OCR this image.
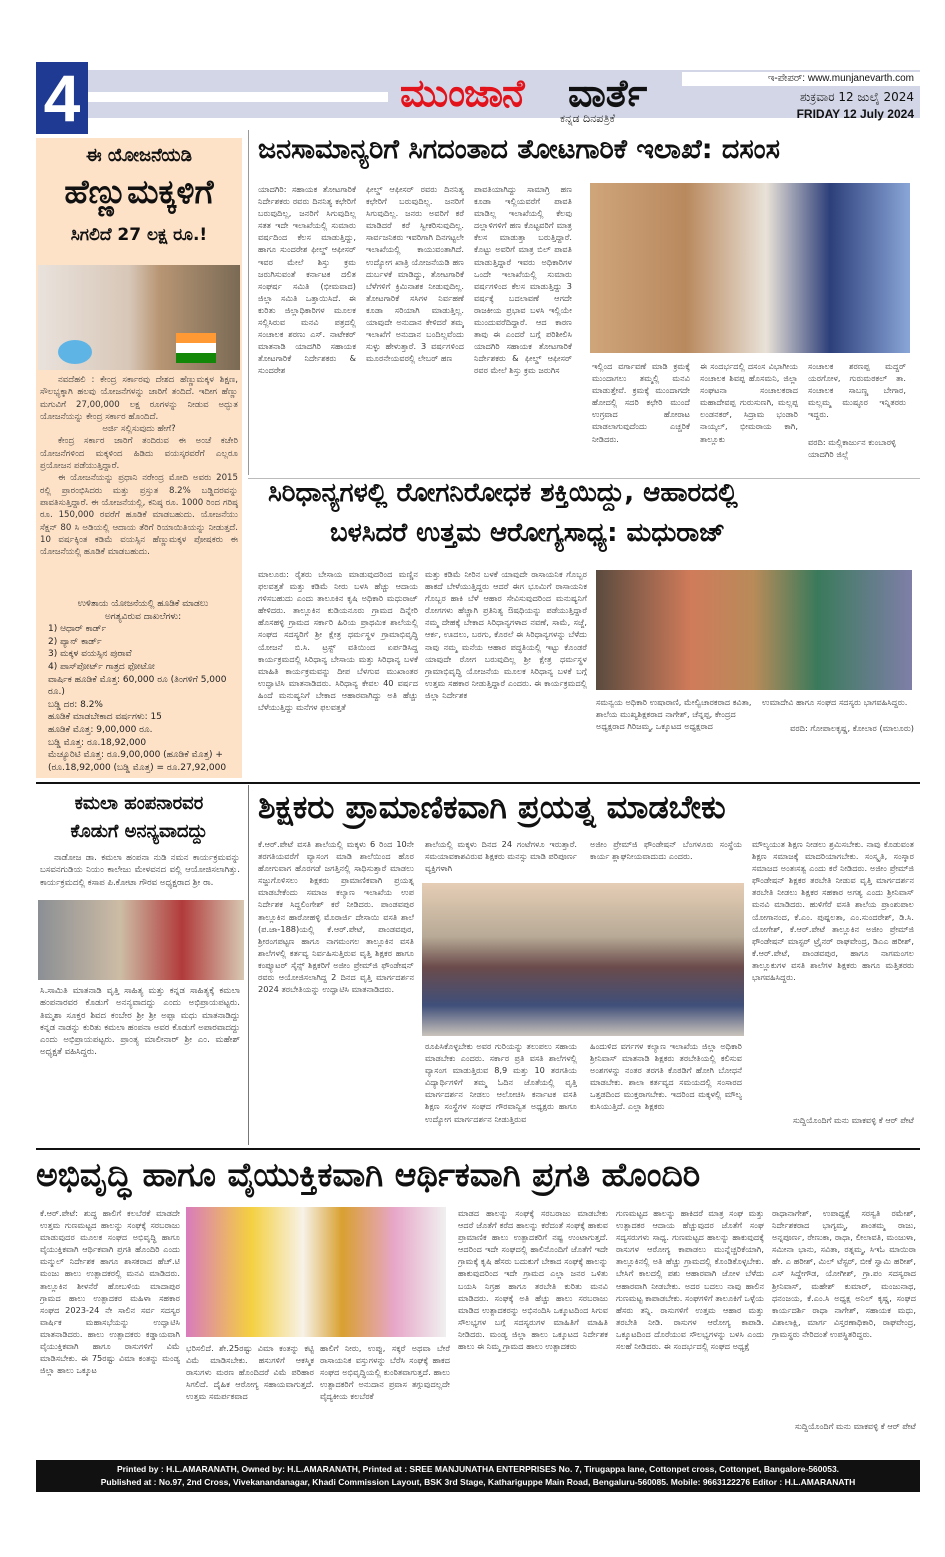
4	ಮುಂಜಾನೆ ವಾರ್ತೆ
ಕನ್ನಡ ದಿನಪತ್ರಿಕೆ
ಇ-ಪೇಪರ್: www.munjanevarth.com
ಶುಕ್ರವಾರ 12 ಜುಲೈ 2024
FRIDAY 12 July 2024
ಈ ಯೋಜನೆಯಡಿ
ಹೆಣ್ಣುಮಕ್ಕಳಿಗೆ
ಸಿಗಲಿದೆ 27 ಲಕ್ಷ ರೂ.!

ನವದೆಹಲಿ : ಕೇಂದ್ರ ಸರ್ಕಾರವು ದೇಶದ ಹೆಣ್ಣುಮಕ್ಕಳ ಶಿಕ್ಷಣ, ಸೌಲಭ್ಯಕ್ಕಾಗಿ ಹಲವು ಯೋಜನೆಗಳನ್ನು ಜಾರಿಗೆ ತಂದಿದೆ. ಇದೀಗ ಹೆಣ್ಣು ಮಗುವಿಗೆ 27,00,000 ಲಕ್ಷ ರೂಗಳನ್ನು ನೀಡುವ ಅದ್ಭುತ ಯೋಜನೆಯನ್ನು ಕೇಂದ್ರ ಸರ್ಕಾರ ಹೊಂದಿದೆ.

ಅರ್ಜಿ ಸಲ್ಲಿಸುವುದು ಹೇಗೆ?

ಕೇಂದ್ರ ಸರ್ಕಾರ ಜಾರಿಗೆ ತಂದಿರುವ ಈ ಅಂಚೆ ಕಚೇರಿ ಯೋಜನೆಗಳಿಂದ ಮಕ್ಕಳಿಂದ ಹಿಡಿದು ವಯಸ್ಕರವರೆಗೆ ಎಲ್ಲರೂ ಪ್ರಯೋಜನ ಪಡೆಯುತ್ತಿದ್ದಾರೆ.

ಈ ಯೋಜನೆಯನ್ನು ಪ್ರಧಾನಿ ನರೇಂದ್ರ ಮೋದಿ ಅವರು 2015 ರಲ್ಲಿ ಪ್ರಾರಂಭಿಸಿದರು ಮತ್ತು ಪ್ರಸ್ತುತ 8.2% ಬಡ್ಡಿದರವನ್ನು ಪಾವತಿಸುತ್ತಿದ್ದಾರೆ. ಈ ಯೋಜನೆಯಲ್ಲಿ, ಕನಿಷ್ಠ ರೂ. 1000 ರಿಂದ ಗರಿಷ್ಠ ರೂ. 150,000 ರವರೆಗೆ ಹೂಡಿಕೆ ಮಾಡಬಹುದು. ಯೋಜನೆಯು ಸೆಕ್ಷನ್ 80 ಸಿ ಅಡಿಯಲ್ಲಿ ಆದಾಯ ತೆರಿಗೆ ರಿಯಾಯಿತಿಯನ್ನು ನೀಡುತ್ತದೆ. 10 ವರ್ಷಕ್ಕಿಂತ ಕಡಿಮೆ ವಯಸ್ಸಿನ ಹೆಣ್ಣುಮಕ್ಕಳ ಪೋಷಕರು ಈ ಯೋಜನೆಯಲ್ಲಿ ಹೂಡಿಕೆ ಮಾಡಬಹುದು.

ಉಳಿತಾಯ ಯೋಜನೆಯಲ್ಲಿ ಹೂಡಿಕೆ ಮಾಡಲು
ಅಗತ್ಯವಿರುವ ದಾಖಲೆಗಳು:
1) ಆಧಾರ್ ಕಾರ್ಡ್
2) ಪ್ಯಾನ್ ಕಾರ್ಡ್
3) ಮಕ್ಕಳ ವಯಸ್ಸಿನ ಪುರಾವೆ
4) ಪಾಸ್‌ಪೋರ್ಟ್ ಗಾತ್ರದ ಫೋಟೋ
ವಾರ್ಷಿಕ ಹೂಡಿಕೆ ಮೊತ್ತ: 60,000 ರೂ (ತಿಂಗಳಿಗೆ 5,000 ರೂ.)
ಬಡ್ಡಿ ದರ: 8.2%
ಹೂಡಿಕೆ ಮಾಡಬೇಕಾದ ವರ್ಷಗಳು: 15
ಹೂಡಿಕೆ ಮೊತ್ತ: 9,00,000 ರೂ.
ಬಡ್ಡಿ ಮೊತ್ತ: ರೂ.18,92,000
ಮೆಚ್ಯೂರಿಟಿ ಮೊತ್ತ: ರೂ.9,00,000 (ಹೂಡಿಕೆ ಮೊತ್ತ) + (ರೂ.18,92,000 (ಬಡ್ಡಿ ಮೊತ್ತ) = ರೂ.27,92,000
ಜನಸಾಮಾನ್ಯರಿಗೆ ಸಿಗದಂತಾದ ತೋಟಗಾರಿಕೆ ಇಲಾಖೆ: ದಸಂಸ
ಯಾದಗಿರಿ: ಸಹಾಯಕ ತೋಟಗಾರಿಕೆ ನಿರ್ದೇಶಕರು ರವರು ದಿನನಿತ್ಯ ಕಛೇರಿಗೆ ಬರುವುದಿಲ್ಲ, ಜನರಿಗೆ ಸಿಗುವುದಿಲ್ಲ ಸತತ ಇದೇ ಇಲಾಖೆಯಲ್ಲಿ ಸುಮಾರು ವರ್ಷದಿಂದ ಕೆಲಸ ಮಾಡುತ್ತಿದ್ದು, ಹಾಗೂ ಸುಂದರೇಶ ಫೀಲ್ಡ್ ಆಫೀಸರ್ ಇವರ ಮೇಲೆ ಶಿಸ್ತು ಕ್ರಮ ಜರುಗಿಸುವಂತೆ ಕರ್ನಾಟಕ ದಲಿತ ಸಂಘರ್ಷ ಸಮಿತಿ (ಭೀಮವಾದ) ಜಿಲ್ಲಾ ಸಮಿತಿ ಒತ್ತಾಯಿಸಿದೆ. ಈ ಕುರಿತು ಜಿಲ್ಲಾಧಿಕಾರಿಗಳ ಮೂಲಕ ಸಲ್ಲಿಸಿರುವ ಮನವಿ ಪತ್ರದಲ್ಲಿ ಸಂಚಾಲಕ ಶರಣು ಎಸ್. ನಾಟೇಕರ್ ಮಾತನಾಡಿ ಯಾದಗಿರಿ ಸಹಾಯಕ ತೋಟಗಾರಿಕೆ ನಿರ್ದೇಶಕರು & ಸುಂದರೇಶ
ಫೀಲ್ಡ್ ಆಫೀಸರ್ ರವರು ದಿನನಿತ್ಯ ಕಛೇರಿಗೆ ಬರುವುದಿಲ್ಲ. ಜನರಿಗೆ ಸಿಗುವುದಿಲ್ಲ. ಜನರು ಅವರಿಗೆ ಕರೆ ಮಾಡಿದರೆ ಕರೆ ಸ್ವೀಕರಿಸುವುದಿಲ್ಲ. ಸಾರ್ವಜನಿಕರು ಇವರಿಗಾಗಿ ದಿನಗಟ್ಟಲೇ ಇಲಾಖೆಯಲ್ಲಿ ಕಾಯುವಂತಾಗಿದೆ. ಉದ್ಯೋಗ ಖಾತ್ರಿ ಯೋಜನೆಯಡಿ ಹಣ ದುರ್ಬಳಕೆ ಮಾಡಿದ್ದು, ತೋಟಗಾರಿಕೆ ಬೆಳೆಗಳಿಗೆ ಕ್ರಿಮಿನಾಶಕ ನೀಡುವುದಿಲ್ಲ. ತೋಟಗಾರಿಕೆ ಸಸಿಗಳ ನಿರ್ವಹಣೆ ಕೂಡಾ ಸರಿಯಾಗಿ ಮಾಡುತ್ತಿಲ್ಲ. ಯಾವುದೇ ಅನುದಾನ ಕೇಳಿದರೆ ತಮ್ಮ ಇಲಾಖೆಗೆ ಅನುದಾನ ಬಂದಿಲ್ಲವೆಂದು ಸುಳ್ಳು ಹೇಳುತ್ತಾರೆ. 3 ವರ್ಷಗಳಿಂದ ಮೂರನೇಯವರಲ್ಲಿ ಲೇಬರ್ ಹಣ
ಪಾವತಿಯಾಗಿದ್ದು ಸಾಮಾಗ್ರಿ ಹಣ ಕೂಡಾ ಇಲ್ಲಿಯವರೆಗೆ ಪಾವತಿ ಮಾಡಿಲ್ಲ ಇಲಾಖೆಯಲ್ಲಿ ಕೆಲವು ದಲ್ಲಾಳಿಗಳಿಗೆ ಹಣ ಕೊಟ್ಟವರಿಗೆ ಮಾತ್ರ ಕೆಲಸ ಮಾಡುತ್ತಾ ಬರುತ್ತಿದ್ದಾರೆ. ಕೊಟ್ಟು ಅವರಿಗೆ ಮಾತ್ರ ಬಿಲ್ ಪಾವತಿ ಮಾಡುತ್ತಿದ್ದಾರೆ ಇವರು ಅಧಿಕಾರಿಗಳ ಒಂದೇ ಇಲಾಖೆಯಲ್ಲಿ ಸುಮಾರು ವರ್ಷಗಳಿಂದ ಕೆಲಸ ಮಾಡುತ್ತಿದ್ದು 3 ವರ್ಷಕ್ಕೆ ಬದಲಾವಣೆ ಆಗದೇ ರಾಜಕೀಯ ಪ್ರಭಾವ ಬಳಸಿ ಇಲ್ಲಿಯೇ ಮುಂದುವರೆದಿದ್ದಾರೆ. ಆದ ಕಾರಣ ತಾವು ಈ ಎಂದರೆ ಬಗ್ಗೆ ಪರಿಶೀಲಿಸಿ ಯಾದಗಿರಿ ಸಹಾಯಕ ತೋಟಗಾರಿಕೆ ನಿರ್ದೇಶಕರು & ಫೀಲ್ಡ್ ಆಫೀಸರ್ ರವರ ಮೇಲೆ ಶಿಸ್ತು ಕ್ರಮ ಜರುಗಿಸ	ಇಲ್ಲಿಂದ ವರ್ಗಾವಣೆ ಮಾಡಿ ಕ್ರಮಕ್ಕೆ ಮುಂದಾಗಲು ತಮ್ಮಲ್ಲಿ ಮನವಿ ಮಾಡುತ್ತೇವೆ. ಕ್ರಮಕ್ಕೆ ಮುಂದಾಗದೇ ಹೋದಲ್ಲಿ ಸದರಿ ಕಛೇರಿ ಮುಂದೆ ಉಗ್ರವಾದ ಹೋರಾಟ ಮಾಡಲಾಗುವುದೆಂದು ಎಚ್ಚರಿಕೆ ನೀಡಿದರು.
ಈ ಸಂದರ್ಭದಲ್ಲಿ ದಸಂಸ ವಿಭಾಗೀಯ ಸಂಚಾಲಕ ಶಿವಪ್ಪ ಹೊಸಮನಿ, ಜಿಲ್ಲಾ ಸಂಘಟನಾ ಸಂಚಾಲಕರಾದ ಮಹಾದೇವಪ್ಪ ಗುರುಸುಣಗಿ, ಮಲ್ಲಪ್ಪ ಲಂಡನಕರ್, ಸಿದ್ರಾಮ ಭಂಡಾರಿ ನಾಯ್ಕಲ್, ಭೀಮರಾಯ ಕಾಗಿ, ತಾಲ್ಲೂಕು
ಸಂಚಾಲಕ ಶರಣಪ್ಪ ಮದ್ದರ್ ಯರಗೋಳ, ಗುರುಮಠಕಲ್ ತಾ. ಸಂಚಾಲಕ ಸಾಬಣ್ಣ ಬೇಗಾರ, ಮಲ್ಲಮ್ಮ ಮುಷ್ಠೂರ ಇನ್ನಿತರರು ಇದ್ದರು.
ವರದಿ: ಮಲ್ಲಿಕಾರ್ಜುನ ಕುಂಬಾರಳ್ಳಿ ಯಾದಗಿರಿ ಜಿಲ್ಲೆ
ಸಿರಿಧಾನ್ಯಗಳಲ್ಲಿ ರೋಗನಿರೋಧಕ ಶಕ್ತಿಯಿದ್ದು, ಆಹಾರದಲ್ಲಿ
ಬಳಸಿದರೆ ಉತ್ತಮ ಆರೋಗ್ಯಸಾಧ್ಯ: ಮಧುರಾಜ್
ಮಾಲೂರು: ರೈತರು ಬೇಸಾಯ ಮಾಡುವುದರಿಂದ ಮಣ್ಣಿನ ಫಲವತ್ತತೆ ಮತ್ತು ಕಡಿಮೆ ನೀರು ಬಳಸಿ ಹೆಚ್ಚು ಆದಾಯ ಗಳಿಸಬಹುದು ಎಂದು ತಾಲೂಕಿನ ಕೃಷಿ ಅಧಿಕಾರಿ ಮಧುರಾಜ್ ಹೇಳಿದರು. ತಾಲ್ಲೂಕಿನ ಕುಡಿಯನೂರು ಗ್ರಾಮದ ದಿನ್ನೇರಿ ಹೊಸಹಳ್ಳಿ ಗ್ರಾಮದ ಸರ್ಕಾರಿ ಹಿರಿಯ ಪ್ರಾಥಮಿಕ ಶಾಲೆಯಲ್ಲಿ ಸಂಘದ ಸದಸ್ಯರಿಗೆ ಶ್ರೀ ಕ್ಷೇತ್ರ ಧರ್ಮಸ್ಥಳ ಗ್ರಾಮಾಭಿವೃದ್ಧಿ ಯೋಜನೆ ಬಿ.ಸಿ. ಟ್ರಸ್ಟ್ ವತಿಯಿಂದ ಏರ್ಪಡಿಸಿದ್ದ ಕಾರ್ಯಕ್ರಮದಲ್ಲಿ ಸಿರಿಧಾನ್ಯ ಬೇಸಾಯ ಮತ್ತು ಸಿರಿಧಾನ್ಯ ಬಳಕೆ ಮಾಹಿತಿ ಕಾರ್ಯಕ್ರಮವನ್ನು ದೀಪ ಬೆಳಗುವ ಮುಖಾಂತರ ಉದ್ಘಾಟಿಸಿ ಮಾತನಾಡಿದರು. ಸಿರಿಧಾನ್ಯ ಕೇವಲ 40 ವರ್ಷದ ಹಿಂದೆ ಮನುಷ್ಯನಿಗೆ ಬೇಕಾದ ಆಹಾರವಾಗಿದ್ದು ಅತಿ ಹೆಚ್ಚು ಬೆಳೆಯುತ್ತಿದ್ದು ಮನೆಗಳ ಫಲವತ್ತತೆ
ಮತ್ತು ಕಡಿಮೆ ನೀರಿನ ಬಳಕೆ ಯಾವುದೇ ರಾಸಾಯನಿಕ ಗೊಬ್ಬರ ಹಾಕದೆ ಬೇಳೆಯುತ್ತಿದ್ದರು ಆದರೆ ಈಗ ಭೂಮಿಗೆ ರಾಸಾಯನಿಕ ಗೊಬ್ಬರ ಹಾಕಿ ಬೆಳೆ ಆಹಾರ ಸೇವಿಸುವುದರಿಂದ ಮನುಷ್ಯನಿಗೆ ರೋಗಗಳು ಹೆಚ್ಚಾಗಿ ಪ್ರತಿನಿತ್ಯ ಔಷಧಿಯನ್ನು ಪಡೆಯುತ್ತಿದ್ದಾರೆ ನಮ್ಮ ದೇಹಕ್ಕೆ ಬೇಕಾದ ಸಿರಿಧಾನ್ಯಗಳಾದ ನವಣೆ, ಸಾಮೆ, ಸಜ್ಜೆ, ಆರ್ಕ, ಊದಲು, ಬರಗು, ಕೊರಲೆ ಈ ಸಿರಿಧಾನ್ಯಗಳನ್ನು ಬೆಳೆದು ನಾವು ನಮ್ಮ ಮನೆಯ ಆಹಾರ ಪದ್ಧತಿಯಲ್ಲಿ ಇಟ್ಟು ಕೊಂಡರೆ ಯಾವುದೇ ರೋಗ ಬರುವುದಿಲ್ಲ ಶ್ರೀ ಕ್ಷೇತ್ರ ಧರ್ಮಸ್ಥಳ ಗ್ರಾಮಾಭಿವೃದ್ಧಿ ಯೋಜನೆಯ ಮೂಲಕ ಸಿರಿಧಾನ್ಯ ಬಳಕೆ ಬಗ್ಗೆ ಉತ್ತಮ ಸಹಕಾರ ನೀಡುತ್ತಿದ್ದಾರೆ ಎಂದರು. ಈ ಕಾರ್ಯಕ್ರಮದಲ್ಲಿ ಜಿಲ್ಲಾ ನಿರ್ದೇಶಕ
ಸಮನ್ವಯ ಅಧಿಕಾರಿ ಉಷಾರಾಣಿ, ಮೇಲ್ವಿಚಾರಕರಾದ ಕವಿತಾ, ಶಾಲೆಯ ಮುಖ್ಯಶಿಕ್ಷಕರಾದ ನಾಗೇಶ್, ಚೆನ್ನಪ್ಪ, ಕೇಂದ್ರದ ಅಧ್ಯಕ್ಷರಾದ ಗಿರಿಜಮ್ಮ, ಒಕ್ಕೂಟದ ಅಧ್ಯಕ್ಷರಾದ
ಉಮಾದೇವಿ ಹಾಗೂ ಸಂಘದ ಸದಸ್ಯರು ಭಾಗವಹಿಸಿದ್ದರು.
ವರದಿ: ಗೋಪಾಲಕೃಷ್ಣ, ಕೋಲಾರ (ಮಾಲೂರು)
ಕಮಲಾ ಹಂಪನಾರವರ
ಕೊಡುಗೆ ಅನನ್ಯವಾದದ್ದು
ನಾಡೋಜ ಡಾ. ಕಮಲಾ ಹಂಪನಾ ನುಡಿ ನಮನ ಕಾರ್ಯಕ್ರಮವನ್ನು ಬಸವನಗುಡಿಯ ನಿಯಂ ಕಾಲೇಜು ಮೇಳವನದ ವಲ್ಲಿ ಆಯೋಜಿಸಲಾಗಿತ್ತು. ಕಾರ್ಯಕ್ರಮದಲ್ಲಿ ಕಸಾಪ ಪಿ.ಕೋಟಾ ಗೌರವ ಅಧ್ಯಕ್ಷರಾದ ಶ್ರೀ ರಾ.
ಸಿ.ಸಾಮಿತಿ ಮಾತನಾಡಿ ವೃತ್ತಿ ಸಾಹಿತ್ಯ ಮತ್ತು ಕನ್ನಡ ಸಾಹಿತ್ಯಕ್ಕೆ ಕಮಲಾ ಹಂಪನಾರವರ ಕೊಡುಗೆ ಅನನ್ಯವಾದದ್ದು ಎಂದು ಅಭಿಪ್ರಾಯಪಟ್ಟರು. ತಿಮ್ಮಶಾ ಸೂಕ್ತರ ಶಿವದ ಕಂಬೇರ ಶ್ರೀ ಶ್ರೀ ಅಪ್ಪಾ ಮಧು ಮಾತನಾಡಿದ್ದು ಕನ್ನಡ ನಾಡನ್ನು ಕುರಿತು ಕಮಲಾ ಹಂಪನಾ ಅವರ ಕೊಡುಗೆ ಅಪಾರವಾದದ್ದು ಎಂದು ಅಭಿಪ್ರಾಯಪಟ್ಟರು. ಪ್ರಾಂತ್ಯ ಮಾಲೀನಾರ್ ಶ್ರೀ ಎಂ. ಮಹೇಶ್ ಅಧ್ಯಕ್ಷತೆ ವಹಿಸಿದ್ದರು.
ಶಿಕ್ಷಕರು ಪ್ರಾಮಾಣಿಕವಾಗಿ ಪ್ರಯತ್ನ ಮಾಡಬೇಕು
ಕೆ.ಆರ್.ಪೇಟೆ ವಸತಿ ಶಾಲೆಯಲ್ಲಿ ಮಕ್ಕಳು 6 ರಿಂದ 10ನೇ ತರಗತಿಯವರೆಗೆ ವ್ಯಾಸಂಗ ಮಾಡಿ ಶಾಲೆಯಿಂದ ಹೊರ ಹೋಗುವಾಗ ಹೊರಗಡೆ ಜಗತ್ತಿನಲ್ಲಿ ಸಾಧಿಸುತ್ತಾರೆ ಮಾಡಲು ಸಜ್ಜುಗೊಳಿಸಲು ಶಿಕ್ಷಕರು ಪ್ರಾಮಾಣಿಕವಾಗಿ ಪ್ರಯತ್ನ ಮಾಡಬೇಕೆಂದು ಸಮಾಜ ಕಲ್ಯಾಣ ಇಲಾಖೆಯ ಉಪ ನಿರ್ದೇಶಕ ಸಿದ್ದಲಿಂಗೇಶ್ ಕರೆ ನೀಡಿದರು. ಪಾಂಡವಪುರ ತಾಲ್ಲೂಕಿನ ಹಾರೋಹಳ್ಳಿ ಮೊರಾರ್ಜಿ ದೇಸಾಯಿ ವಸತಿ ಶಾಲೆ (ಪ.ಜಾ-188)ಯಲ್ಲಿ ಕೆ.ಆರ್.ಪೇಟೆ, ಪಾಂಡವಪುರ, ಶ್ರೀರಂಗಪಟ್ಟಣ ಹಾಗೂ ನಾಗಮಂಗಲ ತಾಲ್ಲೂಕಿನ ವಸತಿ ಶಾಲೆಗಳಲ್ಲಿ ಕರ್ತವ್ಯ ನಿರ್ವಹಿಸುತ್ತಿರುವ ವೃತ್ತಿ ಶಿಕ್ಷಕರ ಹಾಗೂ ಕಂಪ್ಯೂಟರ್ ಸೈನ್ಸ್ ಶಿಕ್ಷಕರಿಗೆ ಅಜೀಂ ಪ್ರೇಮ್‌ಜಿ ಫೌಂಡೇಷನ್ ರವರು ಆಯೋಜಿಸಲಾಗಿದ್ದ 2 ದಿನದ ವೃತ್ತಿ ಮಾರ್ಗದರ್ಶನ 2024 ತರಬೇತಿಯನ್ನು ಉದ್ಘಾಟಿಸಿ ಮಾತನಾಡಿದರು.
ಶಾಲೆಯಲ್ಲಿ ಮಕ್ಕಳು ದಿನದ 24 ಗಂಟೆಗಳೂ ಇರುತ್ತಾರೆ. ಸಮಯಾವಕಾಶವಿರುವ ಶಿಕ್ಷಕರು ಮನಸ್ಸು ಮಾಡಿ ಪರಿಪೂರ್ಣ ವ್ಯಕ್ತಿಗಳಾಗಿ
ಅಜೀಂ ಪ್ರೇಮ್‌ಜಿ ಫೌಂಡೇಷನ್ ಬೆಂಗಳೂರು ಸಂಸ್ಥೆಯ ಕಾರ್ಯ ಶ್ಲಾಘನೀಯವಾದುದು ಎಂದರು.
ರೂಪಿಸಿಕೊಳ್ಳಬೇಕು ಅವರ ಗುರಿಯನ್ನು ತಲುಪಲು ಸಹಾಯ ಮಾಡಬೇಕು ಎಂದರು. ಸರ್ಕಾರ ಪ್ರತಿ ವಸತಿ ಶಾಲೆಗಳಲ್ಲಿ ವ್ಯಾಸಂಗ ಮಾಡುತ್ತಿರುವ 8,9 ಮತ್ತು 10 ತರಗತಿಯ ವಿದ್ಯಾರ್ಥಿಗಳಿಗೆ ತಮ್ಮ ಓದಿನ ಜೊತೆಯಲ್ಲಿ ವೃತ್ತಿ ಮಾರ್ಗದರ್ಶನ ನೀಡಲು ಆಲೋಚಿಸಿ ಕರ್ನಾಟಕ ವಸತಿ ಶಿಕ್ಷಣ ಸಂಸ್ಥೆಗಳ ಸಂಘದ ಗೌರವಾನ್ವಿತ ಅಧ್ಯಕ್ಷರು ಹಾಗೂ ಉದ್ಯೋಗ ಮಾರ್ಗದರ್ಶನ ನೀಡುತ್ತಿರುವ
ಹಿಂದುಳಿದ ವರ್ಗಗಳ ಕಲ್ಯಾಣ ಇಲಾಖೆಯ ಜಿಲ್ಲಾ ಅಧಿಕಾರಿ ಶ್ರೀನಿವಾಸ್ ಮಾತನಾಡಿ ಶಿಕ್ಷಕರು ತರಬೇತಿಯಲ್ಲಿ ಕಲಿಸುವ ಅಂಶಗಳನ್ನು ನಂತರ ತರಗತಿ ಕೊಠಡಿಗೆ ಹೋಗಿ ಬೋಧನೆ ಮಾಡಬೇಕು. ಶಾಲಾ ಕರ್ತವ್ಯದ ಸಮಯದಲ್ಲಿ ಸಂಸಾರದ ಒತ್ತಡದಿಂದ ಮುಕ್ತರಾಗಬೇಕು. ಇದರಿಂದ ಮಕ್ಕಳಲ್ಲಿ ಮೌಲ್ಯ ಕುಸಿಯುತ್ತಿದೆ. ಎಲ್ಲಾ ಶಿಕ್ಷಕರು
ಮೌಲ್ಯಯುತ ಶಿಕ್ಷಣ ನೀಡಲು ಶ್ರಮಿಸಬೇಕು. ನಾವು ಕೊಡುವಂತ ಶಿಕ್ಷಣ ಸಮಾಜಕ್ಕೆ ಮಾದರಿಯಾಗಬೇಕು. ಸಂಸ್ಕೃತಿ, ಸಂಸ್ಕಾರ ಸಮಾಜದ ಅಂತಃಸತ್ವ ಎಂದು ಕರೆ ನೀಡಿದರು. ಅಜೀಂ ಪ್ರೇಮ್‌ಜಿ ಫೌಂಡೇಷನ್ ಶಿಕ್ಷಕರ ತರಬೇತಿ ನೀಡುವ ವೃತ್ತಿ ಮಾರ್ಗದರ್ಶನ ತರಬೇತಿ ನೀಡಲು ಶಿಕ್ಷಕರ ಸಹಕಾರ ಅಗತ್ಯ ಎಂದು ಶ್ರೀನಿವಾಸ್ ಮನವಿ ಮಾಡಿದರು. ಹುಳಿಗೆರೆ ವಸತಿ ಶಾಲೆಯ ಪ್ರಾಂಶುಪಾಲ ಯೋಗಾನಂದ, ಕೆ.ಎಂ. ಪುಷ್ಪಲತಾ, ಎಂ.ಸುಂದರೇಶ್, ಡಿ.ಸಿ. ಯೋಗೇಶ್, ಕೆ.ಆರ್.ಪೇಟೆ ತಾಲ್ಲೂಕಿನ ಅಜೀಂ ಪ್ರೇಮ್‌ಜಿ ಫೌಂಡೇಷನ್ ಮಾಸ್ಟರ್ ಟ್ರೈನರ್ ರಾಘವೇಂದ್ರ, ಡಿಎಎ ಹರೀಶ್, ಕೆ.ಆರ್.ಪೇಟೆ, ಪಾಂಡವಪುರ, ಹಾಗೂ ನಾಗಮಂಗಲ ತಾಲ್ಲೂಕುಗಳ ವಸತಿ ಶಾಲೆಗಳ ಶಿಕ್ಷಕರು ಹಾಗೂ ಮತ್ತಿತರರು ಭಾಗವಹಿಸಿದ್ದರು.
ಸುದ್ದಿಯೊಂದಿಗೆ ಮನು ಮಾಕವಳ್ಳಿ ಕೆ ಆರ್ ಪೇಟೆ
ಅಭಿವೃದ್ಧಿ ಹಾಗೂ ವೈಯುಕ್ತಿಕವಾಗಿ ಆರ್ಥಿಕವಾಗಿ ಪ್ರಗತಿ ಹೊಂದಿರಿ
ಕೆ.ಆರ್.ಪೇಟೆ: ಶುದ್ಧ ಹಾಲಿಗೆ ಕಲಬೆರಕೆ ಮಾಡದೇ ಉತ್ತಮ ಗುಣಮಟ್ಟದ ಹಾಲನ್ನು ಸಂಘಕ್ಕೆ ಸರಬರಾಜು ಮಾಡುವುದರ ಮೂಲಕ ಸಂಘದ ಅಭಿವೃದ್ಧಿ ಹಾಗೂ ವೈಯುಕ್ತಿಕವಾಗಿ ಆರ್ಥಿಕವಾಗಿ ಪ್ರಗತಿ ಹೊಂದಿರಿ ಎಂದು ಮನ್ಮುಲ್ ನಿರ್ದೇಶಕ ಹಾಗೂ ಶಾಸಕರಾದ ಹೆಚ್.ಟಿ ಮಂಜು ಹಾಲು ಉತ್ಪಾದಕರಲ್ಲಿ ಮನವಿ ಮಾಡಿದರು. ತಾಲ್ಲೂಕಿನ ಶೀಳನೆರೆ ಹೋಬಳಿಯ ಮಾದಾಪುರ ಗ್ರಾಮದ ಹಾಲು ಉತ್ಪಾದಕರ ಮಹಿಳಾ ಸಹಕಾರ ಸಂಘದ 2023-24 ನೇ ಸಾಲಿನ ಸರ್ವ ಸದಸ್ಯರ ವಾರ್ಷಿಕ ಮಹಾಸಭೆಯನ್ನು ಉದ್ಘಾಟಿಸಿ ಮಾತನಾಡಿದರು. ಹಾಲು ಉತ್ಪಾದಕರು ಕಡ್ಡಾಯವಾಗಿ ವೈಯುಕ್ತಿಕವಾಗಿ ಹಾಗೂ ರಾಸುಗಳಿಗೆ ವಿಮೆ ಮಾಡಿಸಬೇಕು. ಈ 75ರಷ್ಟು ವಿಮಾ ಕಂತನ್ನು ಮಂಡ್ಯ ಜಿಲ್ಲಾ ಹಾಲು ಒಕ್ಕೂಟ
ಭರಿಸಲಿದೆ. ಶೇ.25ರಷ್ಟು ವಿಮಾ ಕಂತನ್ನು ಕಟ್ಟಿ ವಿಮೆ ಮಾಡಿಸಬೇಕು. ಹಸುಗಳಿಗೆ ಆಕಸ್ಮಿಕ ರಾಸುಗಳು ಮರಣ ಹೊಂದಿದರೆ ವಿಮೆ ಪರಿಹಾರ ಸಿಗಲಿದೆ. ದೈಹಿಕ ಆರೋಗ್ಯ ಸಹಾಯವಾಗುತ್ತದೆ. ಉತ್ತಮ ಸಮರ್ಪಕವಾದ
ಹಾಲಿಗೆ ನೀರು, ಉಪ್ಪು, ಸಕ್ಕರೆ ಅಥವಾ ಬೇರೆ ರಾಸಾಯನಿಕ ವಸ್ತುಗಳನ್ನು ಬೆರೆಸಿ ಸಂಘಕ್ಕೆ ಹಾಕದ ಸಂಘದ ಅಭಿವೃದ್ಧಿಯಲ್ಲಿ ಕುಂಠಿತವಾಗುತ್ತದೆ. ಹಾಲು ಉತ್ಪಾದಕರಿಗೆ ಅನುದಾನ ಪ್ರವಾಸ ತಗ್ಗುವುದಲ್ಲದೇ ವೈದ್ಯಕೀಯ ಕಲಬೆರಕೆ
ಮಾಡದ ಹಾಲನ್ನು ಸಂಘಕ್ಕೆ ಸರಬರಾಜು ಮಾಡಬೇಕು ಆದರೆ ಜೊತೆಗೆ ಕರೆದ ಹಾಲನ್ನು ಕರೆದಂತೆ ಸಂಘಕ್ಕೆ ಹಾಕುವ ಪ್ರಾಮಾಣಿಕ ಹಾಲು ಉತ್ಪಾದಕರಿಗೆ ನಷ್ಟ ಉಂಟಾಗುತ್ತದೆ. ಆದರಿಂದ ಇದೇ ಸಂಘದಲ್ಲಿ ಹಾಲಿನೊಂದಿಗೆ ಜೊತೆಗೆ ಇದೇ ಗ್ರಾಮಕ್ಕೆ ಕೃಷಿ ಹೆಸರು ಬದುಕುಗೆ ಬೇಕಾದ ಸಂಘಕ್ಕೆ ಹಾಲನ್ನು ಹಾಕುವುದರಿಂದ ಇದೇ ಗ್ರಾಮದ ಎಲ್ಲಾ ಜನರ ಒಳಿತು ಬಯಸಿ ನಿಗ್ರಹ ಹಾಗೂ ತರಬೇತಿ ಕುರಿತು ಮನವಿ ಮಾಡಿದರು. ಸಂಘಕ್ಕೆ ಅತಿ ಹೆಚ್ಚು ಹಾಲು ಸರಬರಾಜು ಮಾಡಿದ ಉತ್ಪಾದಕರನ್ನು ಅಭಿನಂದಿಸಿ ಒಕ್ಕೂಟದಿಂದ ಸಿಗುವ ಸೌಲಭ್ಯಗಳ ಬಗ್ಗೆ ಸದಸ್ಯರುಗಳ ಮಾಹಿತಿಗೆ ಮಾಹಿತಿ ನೀಡಿದರು. ಮಂಡ್ಯ ಜಿಲ್ಲಾ ಹಾಲು ಒಕ್ಕೂಟದ ನಿರ್ದೇಶಕ ಹಾಲು ಈ ನಿಮ್ಮ ಗ್ರಾಮದ ಹಾಲು ಉತ್ಪಾದಕರು
ಗುಣಮಟ್ಟದ ಹಾಲನ್ನು ಹಾಕಿದರೆ ಮಾತ್ರ ಸಂಘ ಮತ್ತು ಉತ್ಪಾದಕರ ಆದಾಯ ಹೆಚ್ಚುವುದರ ಜೊತೆಗೆ ಸಂಘ ಸದ್ಯಸರುಗಳು ಸಾಧ್ಯ. ಗುಣಮಟ್ಟದ ಹಾಲನ್ನು ಹಾಕುವುದಕ್ಕೆ ರಾಸುಗಳ ಆರೋಗ್ಯ ಕಾಪಾಡಲು ಮುನ್ನೆಚ್ಚರಿಕೆಯಾಗಿ, ತಾಲ್ಲೂಕಿನಲ್ಲಿ ಅತಿ ಹೆಚ್ಚು ಗ್ರಾಮದಲ್ಲಿ ಕೊಂಡಿಕೊಳ್ಳಬೇಕು. ಬೇಸಿಗೆ ಕಾಲದಲ್ಲಿ ಪಶು ಆಹಾರವಾಗಿ ಜೋಳ ಬೆಳೆದು ಆಹಾರವಾಗಿ ನೀಡಬೇಕು. ಅದರ ಬದಲು ನಾವು ಹಾಲಿನ ಗುಣಮಟ್ಟ ಕಾಪಾಡಬೇಕು. ಸಂಘಗಳಿಗೆ ತಾಲೂಕಿಗೆ ಒಳ್ಳೆಯ ಹೆಸರು ತನ್ನಿ. ರಾಸುಗಳಿಗೆ ಉತ್ತಮ ಆಹಾರ ಮತ್ತು ತರಬೇತಿ ನೀಡಿ. ರಾಸುಗಳ ಆರೋಗ್ಯ ಕಾಪಾಡಿ. ಒಕ್ಕೂಟದಿಂದ ದೊರೆಯುವ ಸೌಲಭ್ಯಗಳನ್ನು ಬಳಸಿ ಎಂದು ಸಲಹೆ ನೀಡಿದರು. ಈ ಸಂದರ್ಭದಲ್ಲಿ ಸಂಘದ ಅಧ್ಯಕ್ಷೆ
ರಾಧಾನಾಗೇಶ್, ಉಪಾಧ್ಯಕ್ಷೆ ಸರಸ್ವತಿ ರಮೇಶ್, ನಿರ್ದೇಶಕರಾದ ಭಾಗ್ಯಮ್ಮ, ಶಾಂತಮ್ಮ ರಾಜು, ಅನ್ನಪೂರ್ಣ, ರೇಣುಕಾ, ರಾಧಾ, ಲೀಲಾವತಿ, ಮಂಜುಳಾ, ಸಮೀನಾ ಭಾನು, ಸವಿತಾ, ರತ್ನಮ್ಮ, ಸಿಇಓ ಮಾಯಿರಾ ಹೇ. ಎ ಹರೀಶ್, ಮಿಲ್ ಟೆಸ್ಟರ್, ಬೀಕೆ ಸ್ವಾಮಿ ಹರೀಶ್, ಎಸ್ ಸಿದ್ದೇಗೌಡ, ಯೋಗೀಶ್, ಗ್ರಾ.ಪಂ ಸದಸ್ಯರಾದ ಶ್ರೀನಿವಾಸ್, ಮಹೇಶ್ ಕುಮಾರ್, ಮಂಜುನಾಥ, ಧನಂಜಯ, ಕೆ.ಎಂ.ಸಿ ಅಧ್ಯಕ್ಷ ಅನಿಲ್ ಕೃಷ್ಣ, ಸಂಘದ ಕಾರ್ಯದರ್ಶಿ ರಾಧಾ ನಾಗೇಶ್, ಸಹಾಯಕ ಮಧು, ವಿಶಾಲಾಕ್ಷಿ, ಮಾರ್ಗ ವಿಸ್ತರಣಾಧಿಕಾರಿ, ರಾಘವೇಂದ್ರ, ಗ್ರಾಮಸ್ಥರು ನೇರಿದಂತೆ ಉಪಸ್ಥಿತರಿದ್ದರು.
ಸುದ್ದಿಯೊಂದಿಗೆ ಮನು ಮಾಕವಳ್ಳಿ ಕೆ ಆರ್ ಪೇಟೆ
Printed by : H.L.AMARANATH, Owned by: H.L.AMARANATH, Printed at : SREE MANJUNATHA ENTERPRISES No. 7, Tirugappa lane, Cottonpet cross, Cottonpet, Bangalore-560053.
Published at : No.97, 2nd Cross, Vivekanandanagar, Khadi Commission Layout, BSK 3rd Stage, Kathariguppe Main Road, Bengaluru-560085. Mobile: 9663122276 Editor : H.L.AMARANATH
